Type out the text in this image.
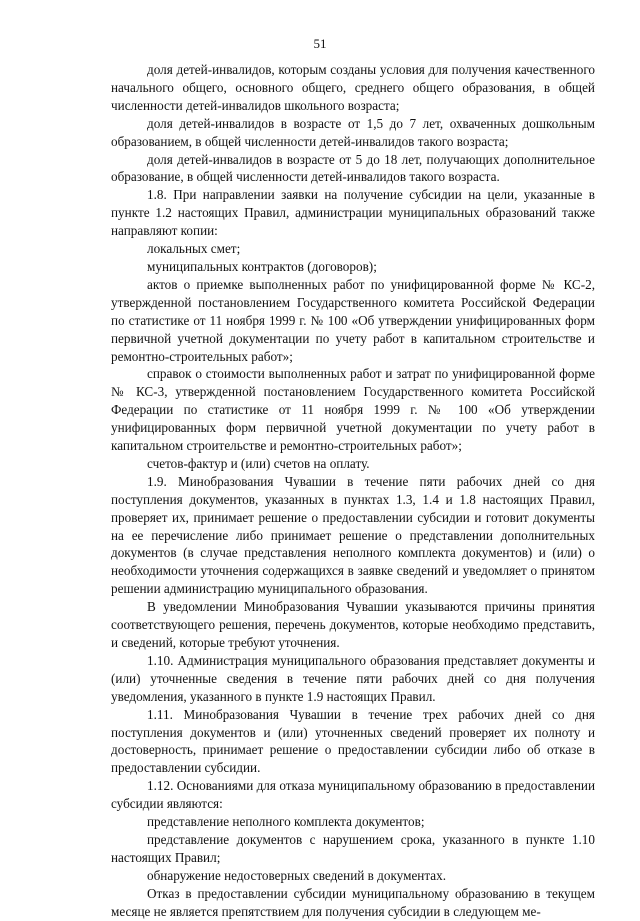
51

доля детей-инвалидов, которым созданы условия для получения качественного начального общего, основного общего, среднего общего образования, в общей численности детей-инвалидов школьного возраста;

доля детей-инвалидов в возрасте от 1,5 до 7 лет, охваченных дошкольным образованием, в общей численности детей-инвалидов такого возраста;

доля детей-инвалидов в возрасте от 5 до 18 лет, получающих дополнительное образование, в общей численности детей-инвалидов такого возраста.

1.8. При направлении заявки на получение субсидии на цели, указанные в пункте 1.2 настоящих Правил, администрации муниципальных образований также направляют копии:

локальных смет;

муниципальных контрактов (договоров);

актов о приемке выполненных работ по унифицированной форме № КС-2, утвержденной постановлением Государственного комитета Российской Федерации по статистике от 11 ноября 1999 г. № 100 «Об утверждении унифицированных форм первичной учетной документации по учету работ в капитальном строительстве и ремонтно-строительных работ»;

справок о стоимости выполненных работ и затрат по унифицированной форме № КС-3, утвержденной постановлением Государственного комитета Российской Федерации по статистике от 11 ноября 1999 г. № 100 «Об утверждении унифицированных форм первичной учетной документации по учету работ в капитальном строительстве и ремонтно-строительных работ»;

счетов-фактур и (или) счетов на оплату.

1.9. Минобразования Чувашии в течение пяти рабочих дней со дня поступления документов, указанных в пунктах 1.3, 1.4 и 1.8 настоящих Правил, проверяет их, принимает решение о предоставлении субсидии и готовит документы на ее перечисление либо принимает решение о представлении дополнительных документов (в случае представления неполного комплекта документов) и (или) о необходимости уточнения содержащихся в заявке сведений и уведомляет о принятом решении администрацию муниципального образования.

В уведомлении Минобразования Чувашии указываются причины принятия соответствующего решения, перечень документов, которые необходимо представить, и сведений, которые требуют уточнения.

1.10. Администрация муниципального образования представляет документы и (или) уточненные сведения в течение пяти рабочих дней со дня получения уведомления, указанного в пункте 1.9 настоящих Правил.

1.11. Минобразования Чувашии в течение трех рабочих дней со дня поступления документов и (или) уточненных сведений проверяет их полноту и достоверность, принимает решение о предоставлении субсидии либо об отказе в предоставлении субсидии.

1.12. Основаниями для отказа муниципальному образованию в предоставлении субсидии являются:

представление неполного комплекта документов;

представление документов с нарушением срока, указанного в пункте 1.10 настоящих Правил;

обнаружение недостоверных сведений в документах.

Отказ в предоставлении субсидии муниципальному образованию в текущем месяце не является препятствием для получения субсидии в следующем ме-
